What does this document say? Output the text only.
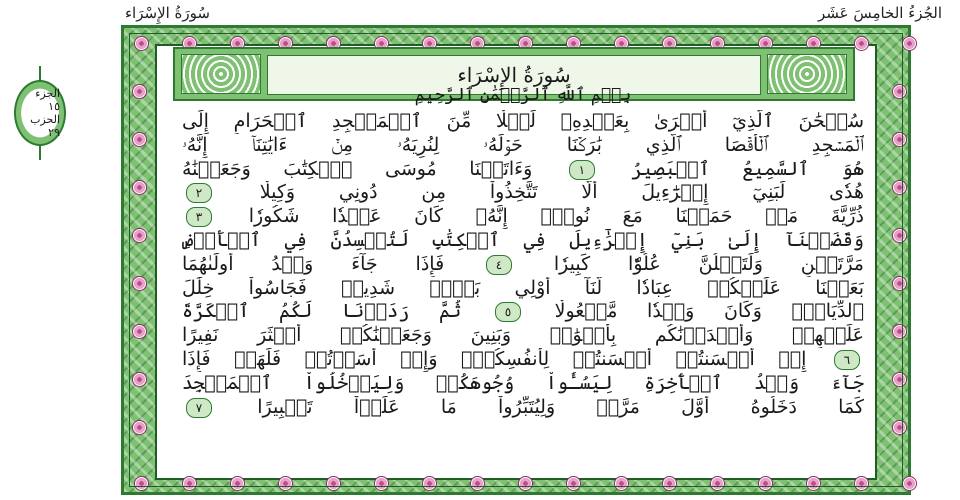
الجُزءُ الخامِسَ عَشَر
سُورَةُ الإِسْرَاء
الجزء ١٥
الحزب ٢٩
سُورَةُ الإِسْرَاء
بِسۡمِ ٱللَّهِ ٱلرَّحۡمَٰنِ ٱلرَّحِيمِ
سُبۡحَٰنَ ٱلَّذِيٓ أَسۡرَىٰ بِعَبۡدِهِۦ لَيۡلٗا مِّنَ ٱلۡمَسۡجِدِ ٱلۡحَرَامِ إِلَى
ٱلۡمَسۡجِدِ ٱلۡأَقۡصَا ٱلَّذِي بَٰرَكۡنَا حَوۡلَهُۥ لِنُرِيَهُۥ مِنۡ ءَايَٰتِنَآۚ إِنَّهُۥ
هُوَ ٱلسَّمِيعُ ٱلۡبَصِيرُ ١ وَءَاتَيۡنَا مُوسَى ٱلۡكِتَٰبَ وَجَعَلۡنَٰهُ
هُدٗى لِّبَنِيٓ إِسۡرَٰٓءِيلَ أَلَّا تَتَّخِذُواْ مِن دُونِي وَكِيلٗا ٢
ذُرِّيَّةَ مَنۡ حَمَلۡنَا مَعَ نُوحٍۚ إِنَّهُۥ كَانَ عَبۡدٗا شَكُورٗا ٣
وَقَضَيۡنَآ إِلَىٰ بَنِيٓ إِسۡرَٰٓءِيلَ فِي ٱلۡكِتَٰبِ لَتُفۡسِدُنَّ فِي ٱلۡأَرۡضِ
مَرَّتَيۡنِ وَلَتَعۡلُنَّ عُلُوّٗا كَبِيرٗا ٤ فَإِذَا جَآءَ وَعۡدُ أُولَىٰهُمَا
بَعَثۡنَا عَلَيۡكُمۡ عِبَادٗا لَّنَآ أُوْلِي بَأۡسٖ شَدِيدٖ فَجَاسُواْ خِلَٰلَ
ٱلدِّيَارِۚ وَكَانَ وَعۡدٗا مَّفۡعُولٗا ٥ ثُمَّ رَدَدۡنَا لَكُمُ ٱلۡكَرَّةَ
عَلَيۡهِمۡ وَأَمۡدَدۡنَٰكُم بِأَمۡوَٰلٖ وَبَنِينَ وَجَعَلۡنَٰكُمۡ أَكۡثَرَ نَفِيرًا
٦ إِنۡ أَحۡسَنتُمۡ أَحۡسَنتُمۡ لِأَنفُسِكُمۡۖ وَإِنۡ أَسَأۡتُمۡ فَلَهَاۚ فَإِذَا
جَآءَ وَعۡدُ ٱلۡأٓخِرَةِ لِيَسُـُٔواْ وُجُوهَكُمۡ وَلِيَدۡخُلُواْ ٱلۡمَسۡجِدَ
كَمَا دَخَلُوهُ أَوَّلَ مَرَّةٖ وَلِيُتَبِّرُواْ مَا عَلَوۡاْ تَتۡبِيرًا ٧
